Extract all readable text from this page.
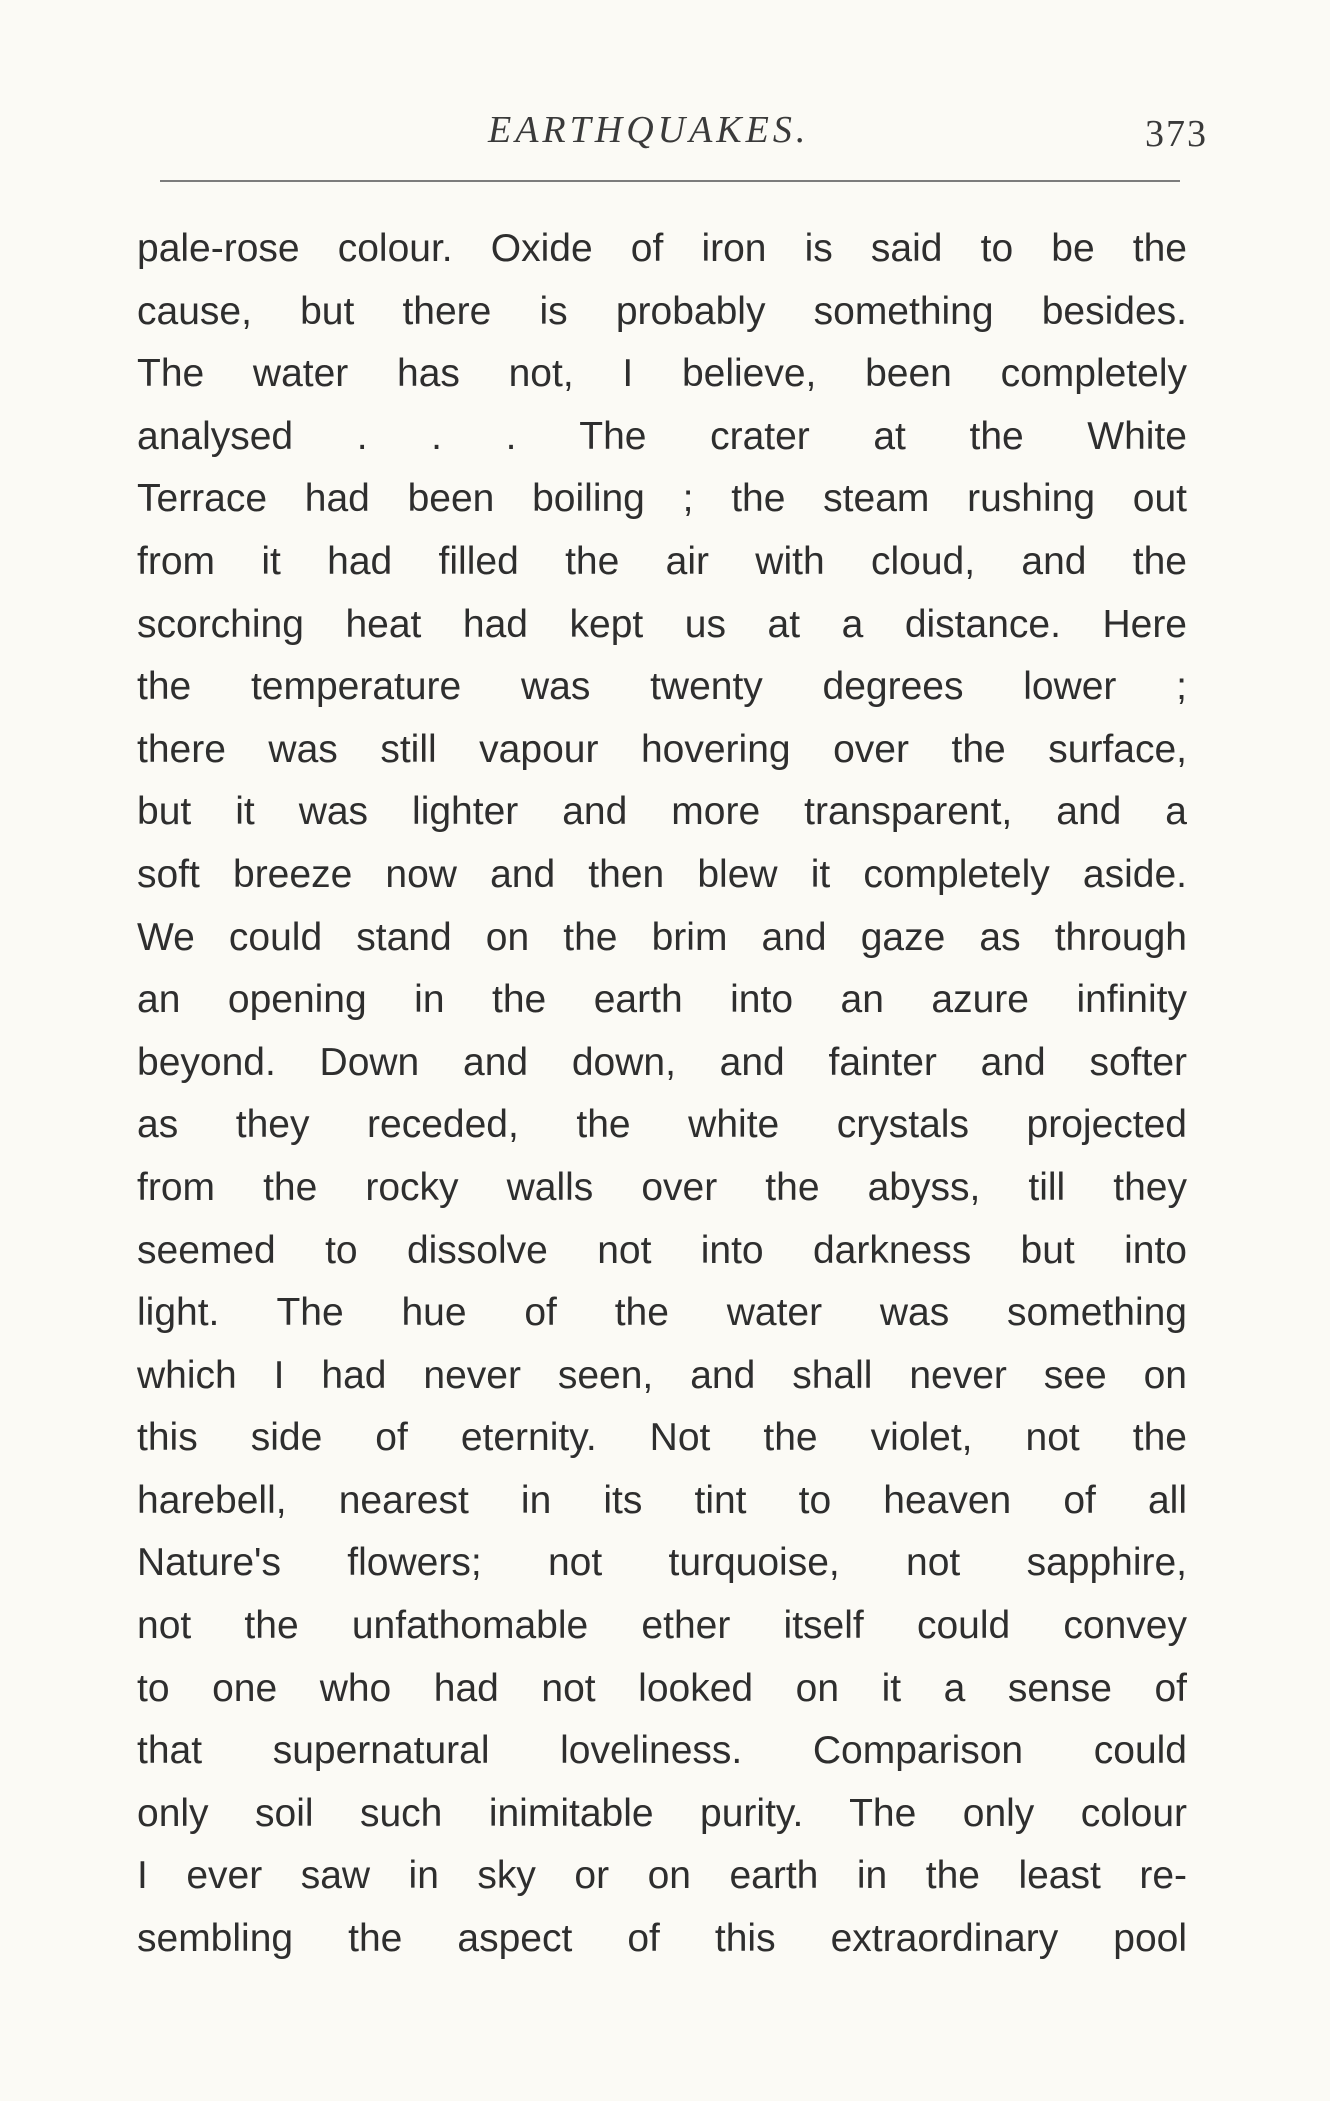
EARTHQUAKES.	373
pale-rose colour. Oxide of iron is said to be the
cause, but there is probably something besides.
The water has not, I believe, been completely
analysed . . . The crater at the White
Terrace had been boiling ; the steam rushing out
from it had filled the air with cloud, and the
scorching heat had kept us at a distance. Here
the temperature was twenty degrees lower ;
there was still vapour hovering over the surface,
but it was lighter and more transparent, and a
soft breeze now and then blew it completely aside.
We could stand on the brim and gaze as through
an opening in the earth into an azure infinity
beyond. Down and down, and fainter and softer
as they receded, the white crystals projected
from the rocky walls over the abyss, till they
seemed to dissolve not into darkness but into
light. The hue of the water was something
which I had never seen, and shall never see on
this side of eternity. Not the violet, not the
harebell, nearest in its tint to heaven of all
Nature's flowers; not turquoise, not sapphire,
not the unfathomable ether itself could convey
to one who had not looked on it a sense of
that supernatural loveliness. Comparison could
only soil such inimitable purity. The only colour
I ever saw in sky or on earth in the least re-
sembling the aspect of this extraordinary pool
